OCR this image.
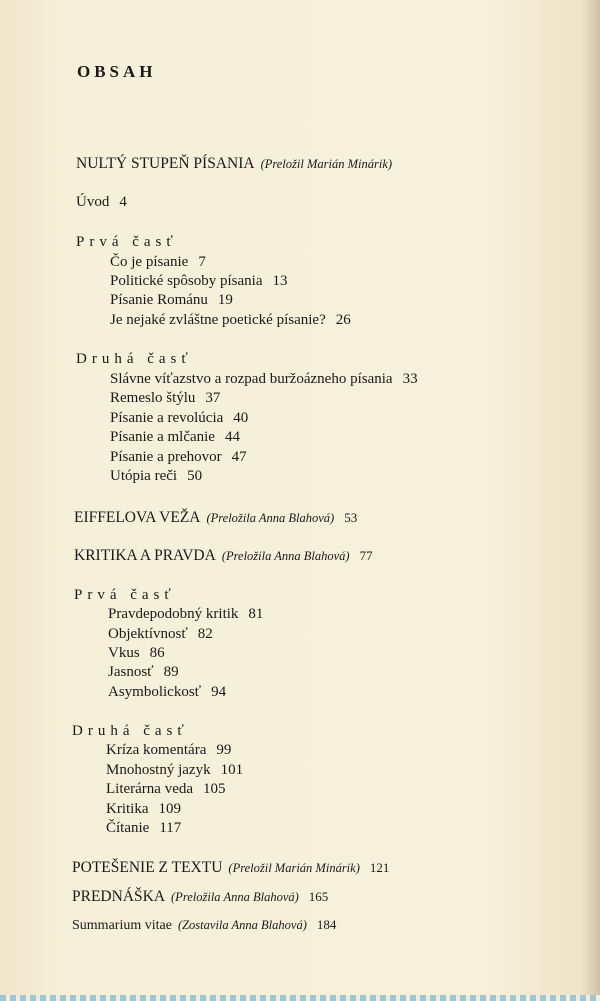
OBSAH
NULTÝ STUPEŇ PÍSANIA (Preložil Marián Minárik)
Úvod 4
Prvá časť
Čo je písanie 7
Politické spôsoby písania 13
Písanie Románu 19
Je nejaké zvláštne poetické písanie? 26
Druhá časť
Slávne víťazstvo a rozpad buržoázneho písania 33
Remeslo štýlu 37
Písanie a revolúcia 40
Písanie a mlčanie 44
Písanie a prehovor 47
Utópia reči 50
EIFFELOVA VEŽA (Preložila Anna Blahová) 53
KRITIKA A PRAVDA (Preložila Anna Blahová) 77
Prvá časť
Pravdepodobný kritik 81
Objektívnosť 82
Vkus 86
Jasnosť 89
Asymbolickosť 94
Druhá časť
Kríza komentára 99
Mnohostný jazyk 101
Literárna veda 105
Kritika 109
Čítanie 117
POTEŠENIE Z TEXTU (Preložil Marián Minárik) 121
PREDNÁŠKA (Preložila Anna Blahová) 165
Summarium vitae (Zostavila Anna Blahová) 184
